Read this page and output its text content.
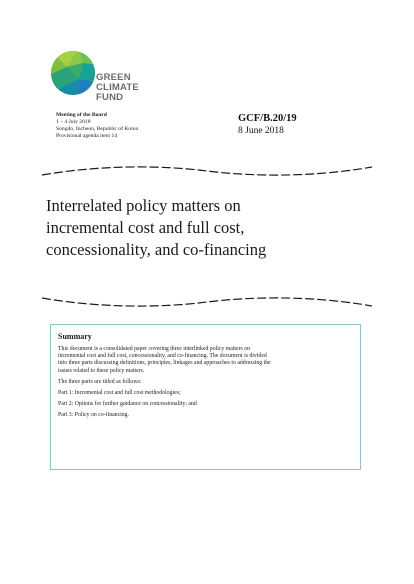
GREEN
CLIMATE
FUND
Meeting of the Board
1 – 4 July 2018
Songdo, Incheon, Republic of Korea
Provisional agenda item 14
GCF/B.20/19
8 June 2018
Interrelated policy matters on
incremental cost and full cost,
concessionality, and co-financing
Summary
This document is a consolidated paper covering three interlinked policy matters on
incremental cost and full cost, concessionality, and co-financing. The document is divided
into three parts discussing definitions, principles, linkages and approaches to addressing the
issues related to these policy matters.
The three parts are titled as follows:
Part 1: Incremental cost and full cost methodologies;
Part 2: Options for further guidance on concessionality; and
Part 3: Policy on co-financing.
